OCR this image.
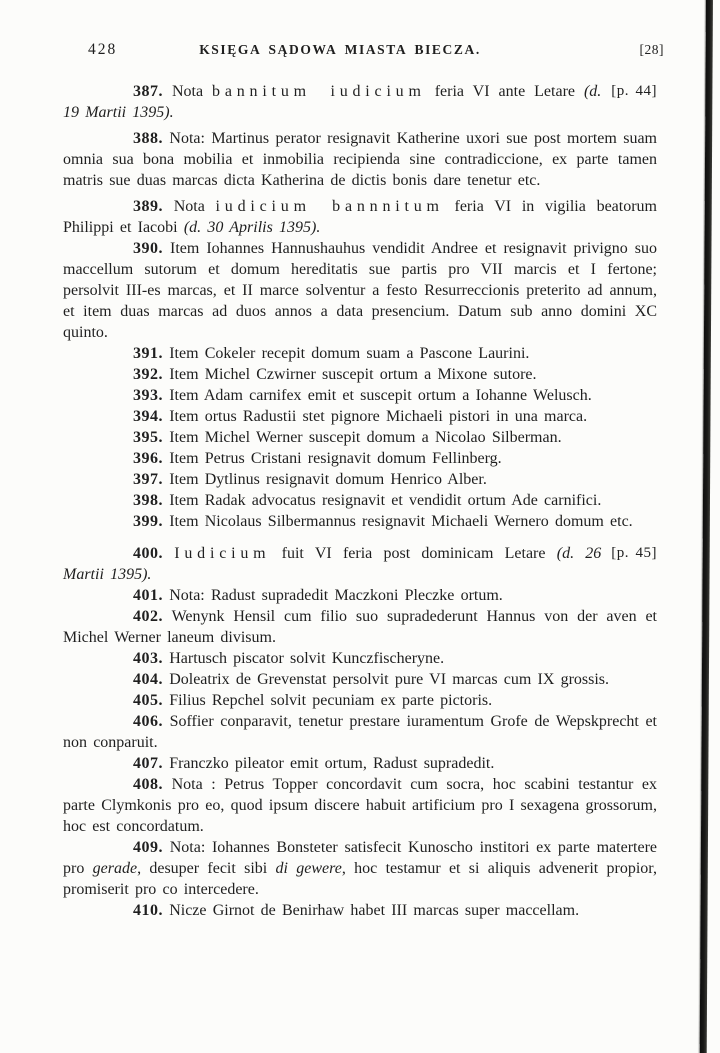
428	KSIĘGA SĄDOWA MIASTA BIECZA.	[28]

[p. 44]
387. Nota bannitum iudicium feria VI ante Letare (d. 19 Martii 1395).

388. Nota: Martinus perator resignavit Katherine uxori sue post mortem suam omnia sua bona mobilia et inmobilia recipienda sine contradiccione, ex parte tamen matris sue duas marcas dicta Katherina de dictis bonis dare tenetur etc.

389. Nota iudicium bannnitum feria VI in vigilia beatorum Philippi et Iacobi (d. 30 Aprilis 1395).

390. Item Iohannes Hannushauhus vendidit Andree et resignavit privigno suo maccellum sutorum et domum hereditatis sue partis pro VII marcis et I fertone; persolvit III-es marcas, et II marce solventur a festo Resurreccionis preterito ad annum, et item duas marcas ad duos annos a data presencium. Datum sub anno domini XC quinto.

391. Item Cokeler recepit domum suam a Pascone Laurini.

392. Item Michel Czwirner suscepit ortum a Mixone sutore.

393. Item Adam carnifex emit et suscepit ortum a Iohanne Welusch.

394. Item ortus Radustii stet pignore Michaeli pistori in una marca.

395. Item Michel Werner suscepit domum a Nicolao Silberman.

396. Item Petrus Cristani resignavit domum Fellinberg.

397. Item Dytlinus resignavit domum Henrico Alber.

398. Item Radak advocatus resignavit et vendidit ortum Ade carnifici.

399. Item Nicolaus Silbermannus resignavit Michaeli Wernero domum etc.

[p. 45]
400. Iudicium fuit VI feria post dominicam Letare (d. 26 Martii 1395).

401. Nota: Radust supradedit Maczkoni Pleczke ortum.

402. Wenynk Hensil cum filio suo supradederunt Hannus von der aven et Michel Werner laneum divisum.

403. Hartusch piscator solvit Kunczfischeryne.

404. Doleatrix de Grevenstat persolvit pure VI marcas cum IX grossis.

405. Filius Repchel solvit pecuniam ex parte pictoris.

406. Soffier conparavit, tenetur prestare iuramentum Grofe de Wepskprecht et non conparuit.

407. Franczko pileator emit ortum, Radust supradedit.

408. Nota : Petrus Topper concordavit cum socra, hoc scabini testantur ex parte Clymkonis pro eo, quod ipsum discere habuit artificium pro I sexagena grossorum, hoc est concordatum.

409. Nota: Iohannes Bonsteter satisfecit Kunoscho institori ex parte matertere pro gerade, desuper fecit sibi di gewere, hoc testamur et si aliquis advenerit propior, promiserit pro co intercedere.

410. Nicze Girnot de Benirhaw habet III marcas super maccellam.
